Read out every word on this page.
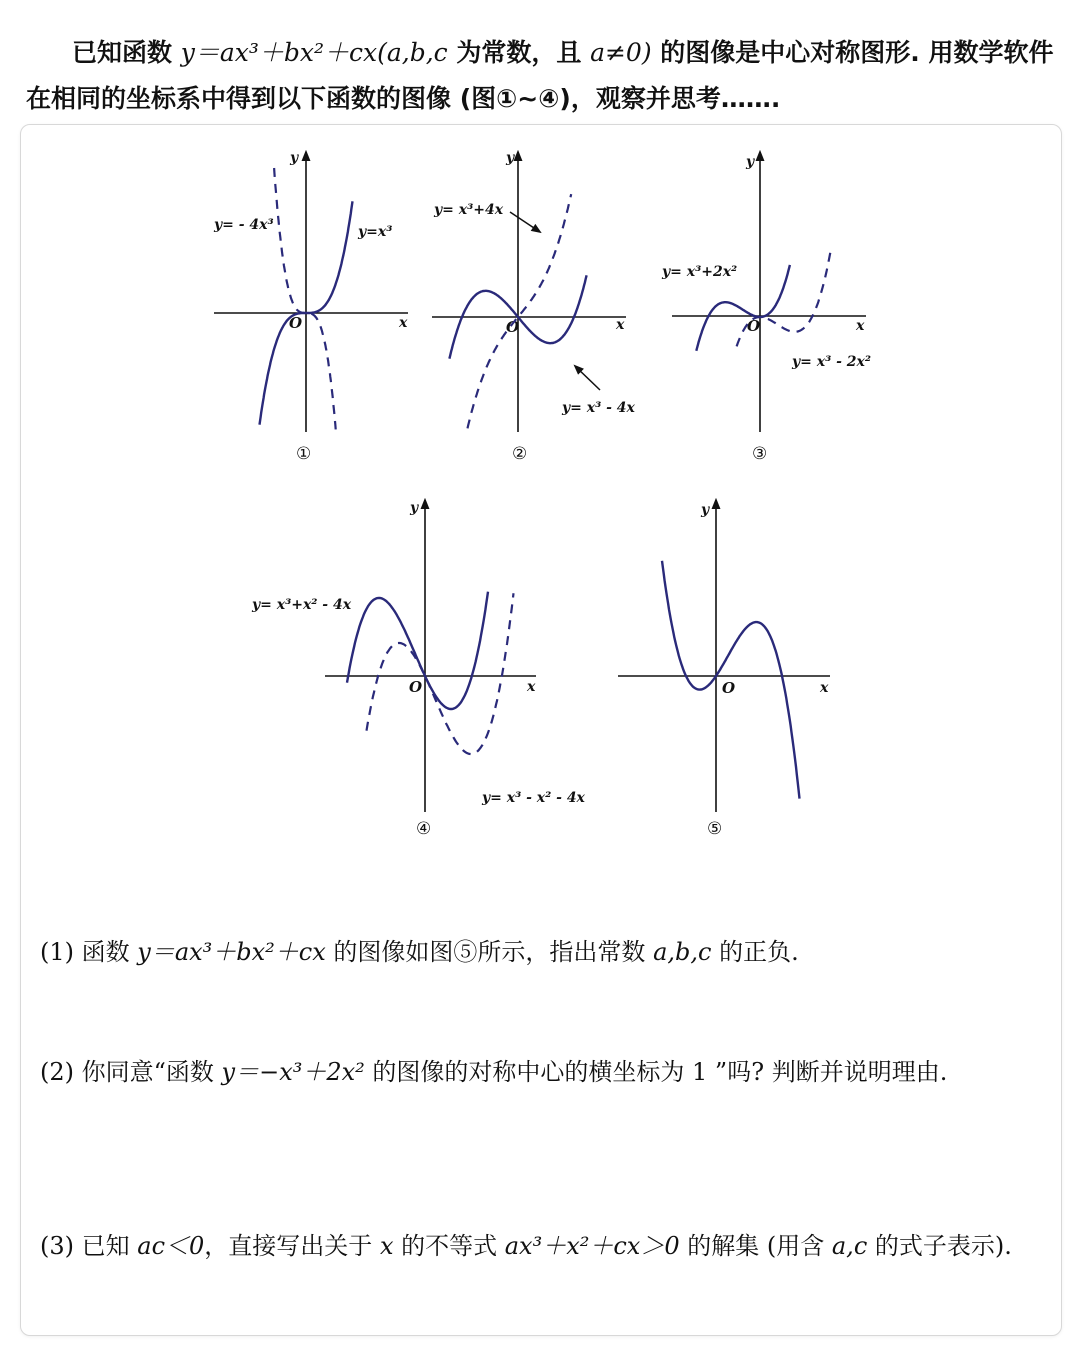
已知函数 y＝ax³＋bx²＋cx(a,b,c 为常数，且 a≠0) 的图像是中心对称图形. 用数学软件在相同的坐标系中得到以下函数的图像 (图①~④)，观察并思考…….
x
y
O
y= - 4x³	y=x³
①
x
y
O
y= x³+4x
y= x³ - 4x
②
x
y
O
y= x³+2x²
y= x³ - 2x²
③
x
y
O
y= x³+x² - 4x
y= x³ - x² - 4x
④
x
y
O
⑤
(1) 函数 y＝ax³＋bx²＋cx 的图像如图⑤所示，指出常数 a,b,c 的正负.
(2) 你同意“函数 y＝−x³＋2x² 的图像的对称中心的横坐标为 1 ”吗? 判断并说明理由.
(3) 已知 ac＜0，直接写出关于 x 的不等式 ax³＋x²＋cx＞0 的解集 (用含 a,c 的式子表示).
